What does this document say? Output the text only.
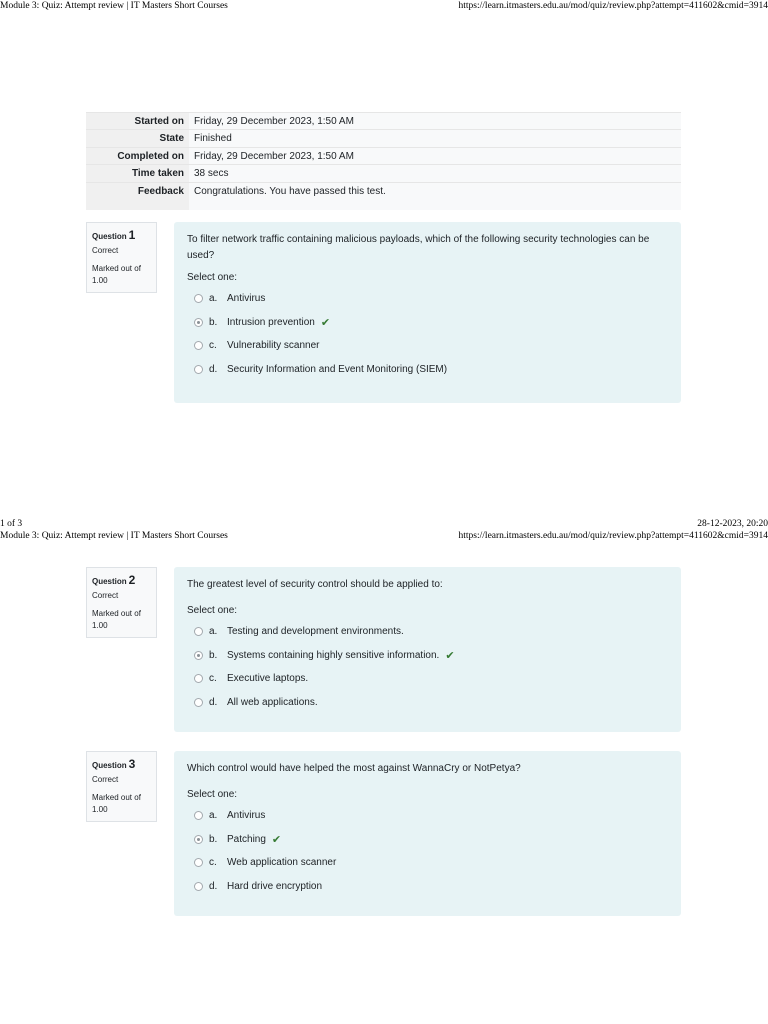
Module 3: Quiz: Attempt review | IT Masters Short Courses	https://learn.itmasters.edu.au/mod/quiz/review.php?attempt=411602&cmid=3914
Started on Friday, 29 December 2023, 1:50 AM
State Finished
Completed on Friday, 29 December 2023, 1:50 AM
Time taken 38 secs
Feedback Congratulations. You have passed this test.
Question 1
Correct
Marked out of 1.00
To filter network traffic containing malicious payloads, which of the following security technologies can be used?
Select one:
a. Antivirus
b. Intrusion prevention ✔
c.	Vulnerability scanner
d. Security Information and Event Monitoring (SIEM)
1 of 3	28-12-2023, 20:20
Module 3: Quiz: Attempt review | IT Masters Short Courses	https://learn.itmasters.edu.au/mod/quiz/review.php?attempt=411602&cmid=3914
Question 2
Correct
Marked out of 1.00
The greatest level of security control should be applied to:
Select one:
a. Testing and development environments.
b. Systems containing highly sensitive information. ✔
c.	Executive laptops.
d. All web applications.
Question 3
Correct
Marked out of 1.00
Which control would have helped the most against WannaCry or NotPetya?
Select one:
a. Antivirus
b. Patching ✔
c.	Web application scanner
d. Hard drive encryption
